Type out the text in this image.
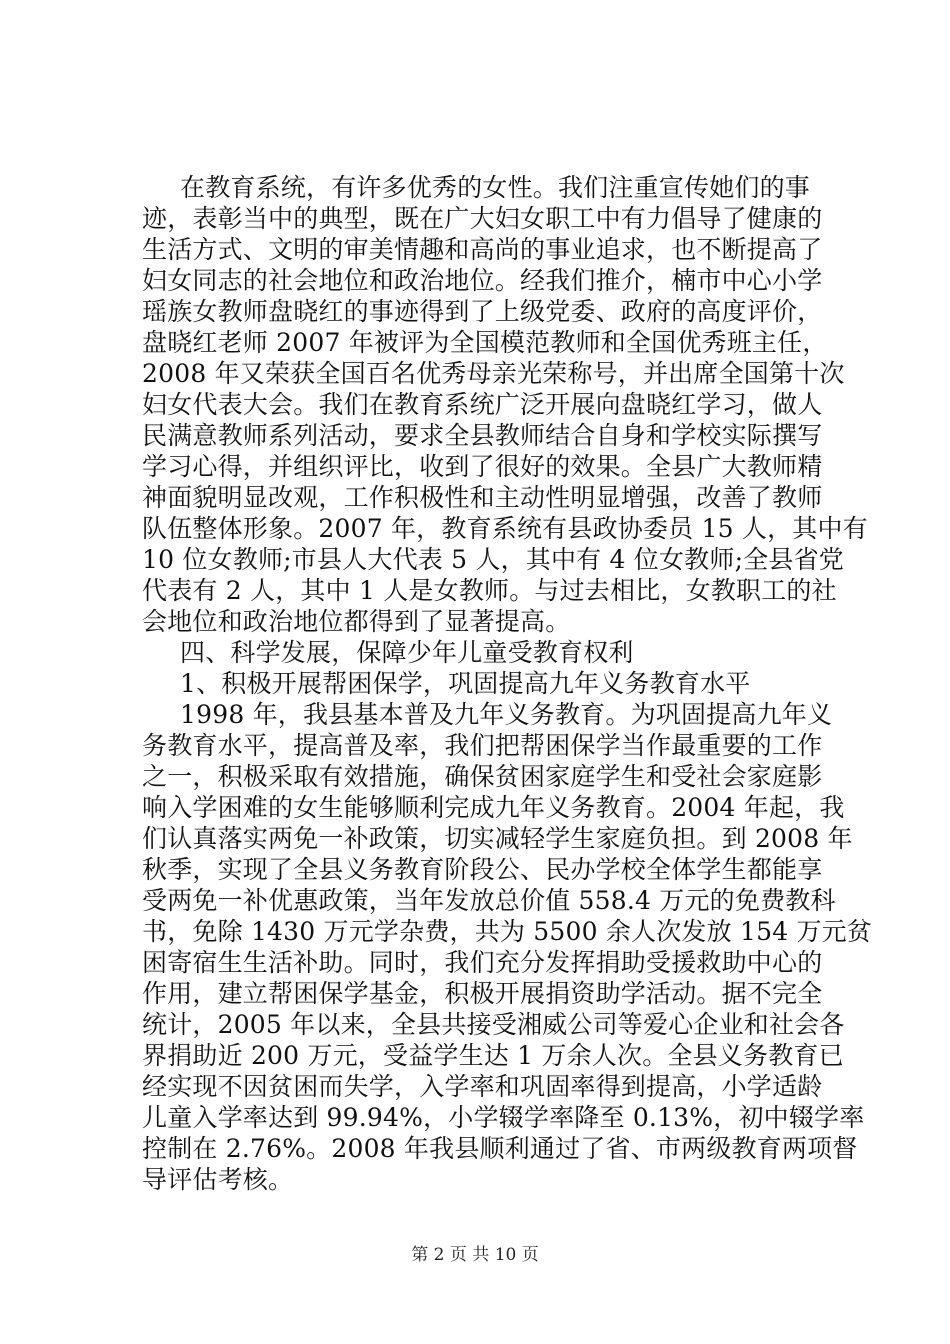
在教育系统，有许多优秀的女性。我们注重宣传她们的事
迹，表彰当中的典型，既在广大妇女职工中有力倡导了健康的
生活方式、文明的审美情趣和高尚的事业追求，也不断提高了
妇女同志的社会地位和政治地位。经我们推介，楠市中心小学
瑶族女教师盘晓红的事迹得到了上级党委、政府的高度评价，
盘晓红老师 2007 年被评为全国模范教师和全国优秀班主任，
2008 年又荣获全国百名优秀母亲光荣称号，并出席全国第十次
妇女代表大会。我们在教育系统广泛开展向盘晓红学习，做人
民满意教师系列活动，要求全县教师结合自身和学校实际撰写
学习心得，并组织评比，收到了很好的效果。全县广大教师精
神面貌明显改观，工作积极性和主动性明显增强，改善了教师
队伍整体形象。2007 年，教育系统有县政协委员 15 人，其中有
10 位女教师;市县人大代表 5 人，其中有 4 位女教师;全县省党
代表有 2 人，其中 1 人是女教师。与过去相比，女教职工的社
会地位和政治地位都得到了显著提高。
四、科学发展，保障少年儿童受教育权利
1、积极开展帮困保学，巩固提高九年义务教育水平
1998 年，我县基本普及九年义务教育。为巩固提高九年义
务教育水平，提高普及率，我们把帮困保学当作最重要的工作
之一，积极采取有效措施，确保贫困家庭学生和受社会家庭影
响入学困难的女生能够顺利完成九年义务教育。2004 年起，我
们认真落实两免一补政策，切实减轻学生家庭负担。到 2008 年
秋季，实现了全县义务教育阶段公、民办学校全体学生都能享
受两免一补优惠政策，当年发放总价值 558.4 万元的免费教科
书，免除 1430 万元学杂费，共为 5500 余人次发放 154 万元贫
困寄宿生生活补助。同时，我们充分发挥捐助受援救助中心的
作用，建立帮困保学基金，积极开展捐资助学活动。据不完全
统计，2005 年以来，全县共接受湘威公司等爱心企业和社会各
界捐助近 200 万元，受益学生达 1 万余人次。全县义务教育已
经实现不因贫困而失学，入学率和巩固率得到提高，小学适龄
儿童入学率达到 99.94%，小学辍学率降至 0.13%，初中辍学率
控制在 2.76%。2008 年我县顺利通过了省、市两级教育两项督
导评估考核。
第 2 页 共 10 页
